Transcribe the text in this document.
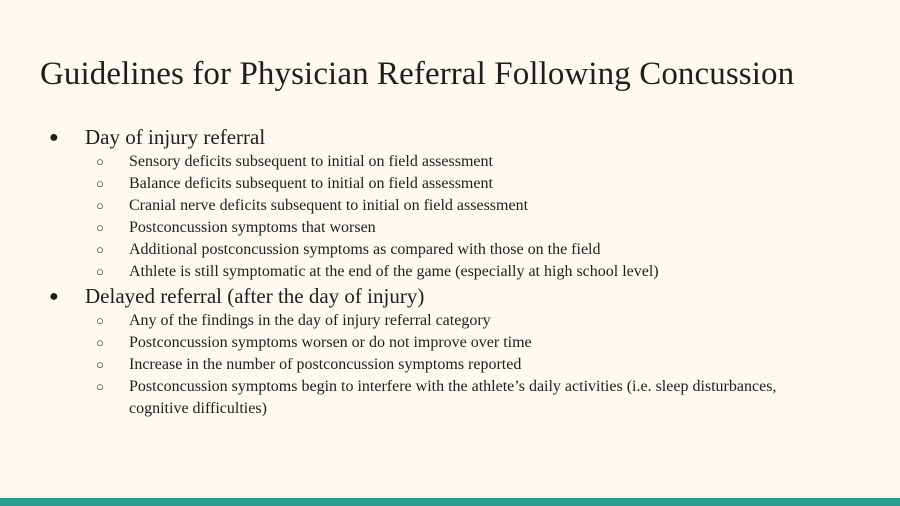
Guidelines for Physician Referral Following Concussion
● Day of injury referral
○ Sensory deficits subsequent to initial on field assessment
○ Balance deficits subsequent to initial on field assessment
○ Cranial nerve deficits subsequent to initial on field assessment
○ Postconcussion symptoms that worsen
○ Additional postconcussion symptoms as compared with those on the field
○ Athlete is still symptomatic at the end of the game (especially at high school level)
● Delayed referral (after the day of injury)
○ Any of the findings in the day of injury referral category
○ Postconcussion symptoms worsen or do not improve over time
○ Increase in the number of postconcussion symptoms reported
○ Postconcussion symptoms begin to interfere with the athlete’s daily activities (i.e. sleep disturbances, cognitive difficulties)
